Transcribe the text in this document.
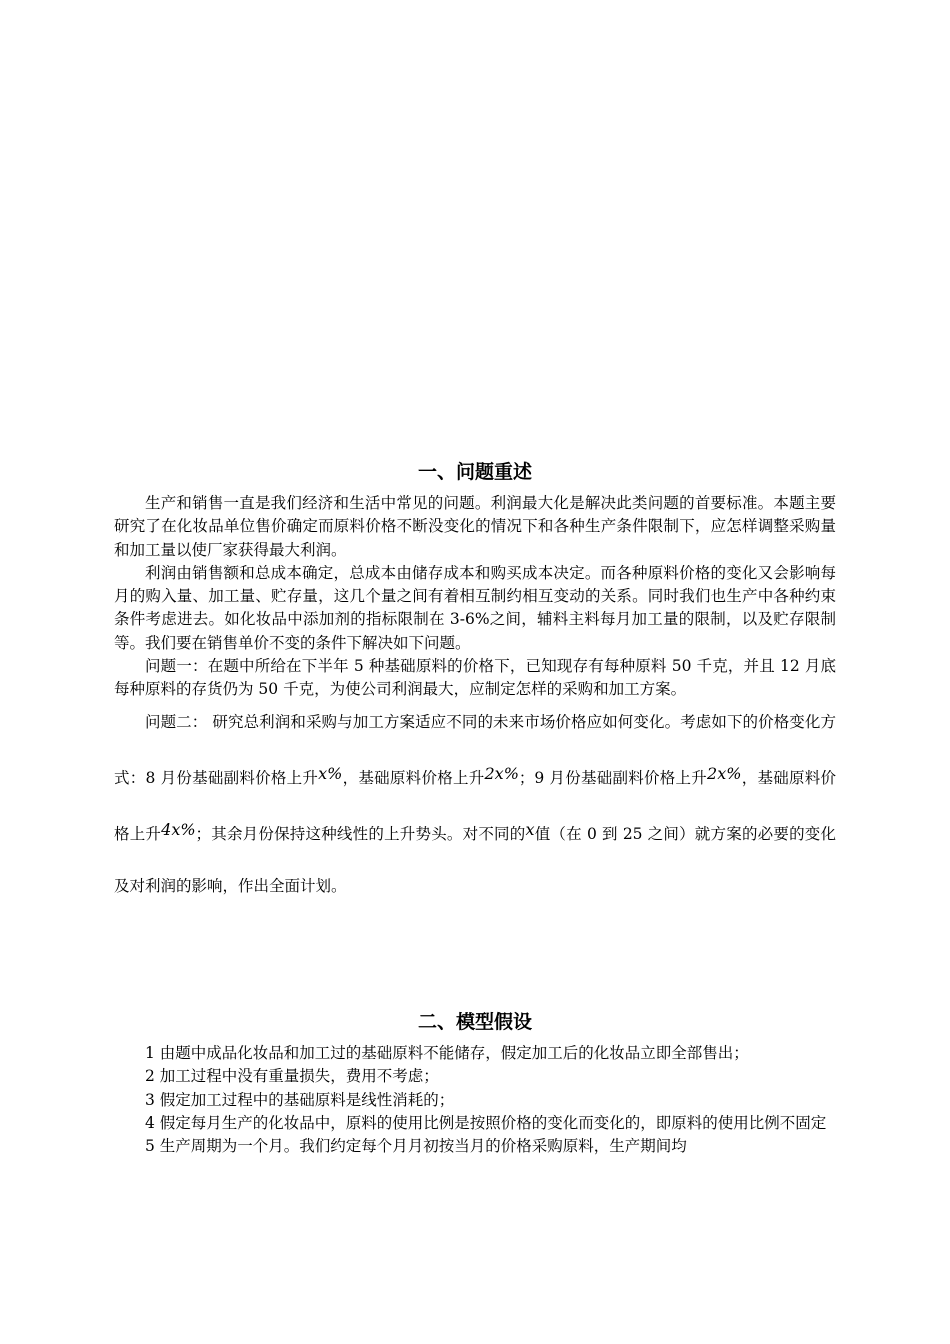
一、问题重述

生产和销售一直是我们经济和生活中常见的问题。利润最大化是解决此类问题的首要标准。本题主要研究了在化妆品单位售价确定而原料价格不断没变化的情况下和各种生产条件限制下，应怎样调整采购量和加工量以使厂家获得最大利润。

利润由销售额和总成本确定，总成本由储存成本和购买成本决定。而各种原料价格的变化又会影响每月的购入量、加工量、贮存量，这几个量之间有着相互制约相互变动的关系。同时我们也生产中各种约束条件考虑进去。如化妆品中添加剂的指标限制在 3-6%之间，辅料主料每月加工量的限制，以及贮存限制等。我们要在销售单价不变的条件下解决如下问题。

问题一：在题中所给在下半年 5 种基础原料的价格下，已知现存有每种原料 50 千克，并且 12 月底每种原料的存货仍为 50 千克，为使公司利润最大，应制定怎样的采购和加工方案。

问题二： 研究总利润和采购与加工方案适应不同的未来市场价格应如何变化。考虑如下的价格变化方式：8 月份基础副料价格上升x%，基础原料价格上升2x%；9 月份基础副料价格上升2x%，基础原料价格上升4x%；其余月份保持这种线性的上升势头。对不同的x值（在 0 到 25 之间）就方案的必要的变化及对利润的影响，作出全面计划。

二、模型假设

1 由题中成品化妆品和加工过的基础原料不能储存，假定加工后的化妆品立即全部售出；

2 加工过程中没有重量损失，费用不考虑；

3 假定加工过程中的基础原料是线性消耗的；

4 假定每月生产的化妆品中，原料的使用比例是按照价格的变化而变化的，即原料的使用比例不固定

5 生产周期为一个月。我们约定每个月月初按当月的价格采购原料，生产期间均
